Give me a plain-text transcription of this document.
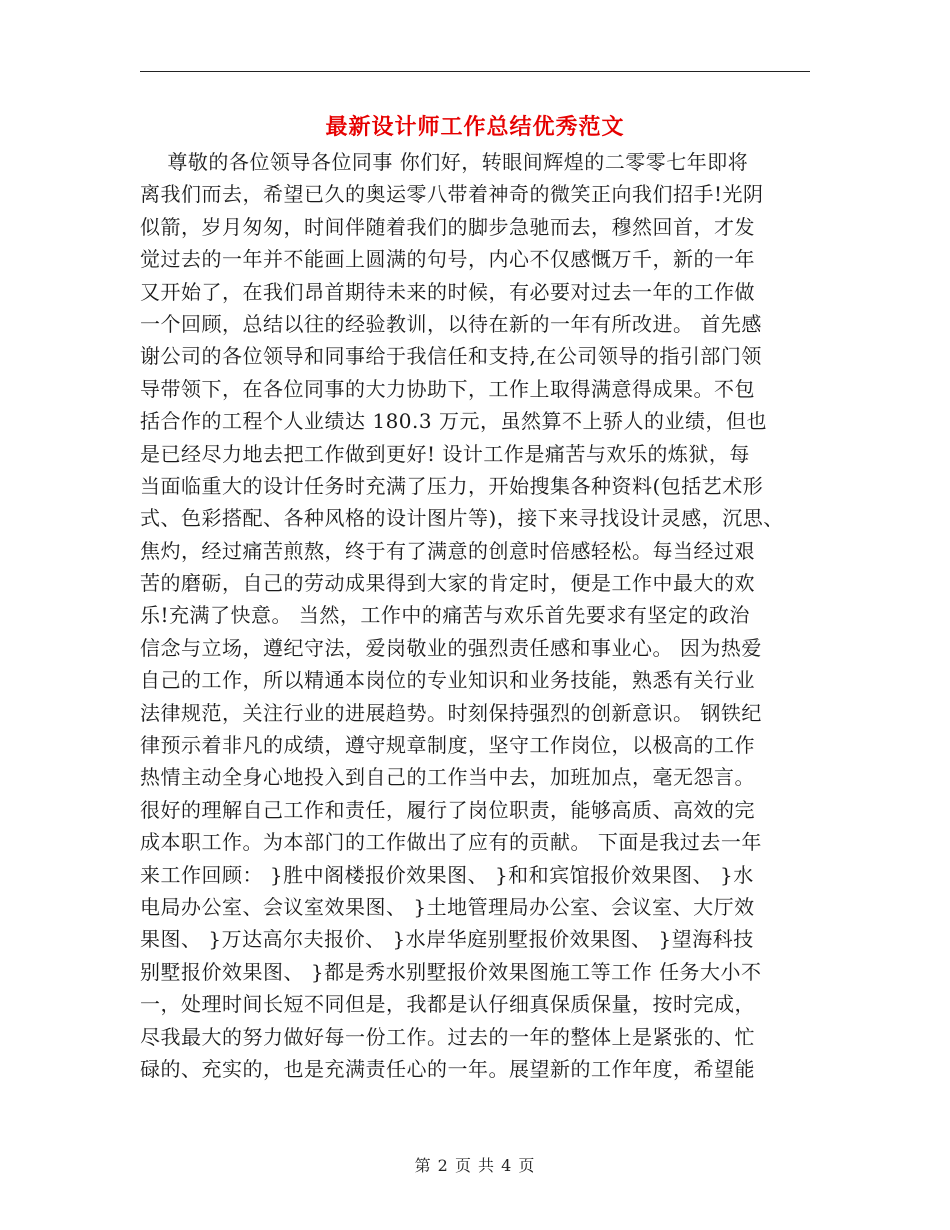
最新设计师工作总结优秀范文
尊敬的各位领导各位同事 你们好，转眼间辉煌的二零零七年即将
离我们而去，希望已久的奥运零八带着神奇的微笑正向我们招手!光阴
似箭，岁月匆匆，时间伴随着我们的脚步急驰而去，穆然回首，才发
觉过去的一年并不能画上圆满的句号，内心不仅感慨万千，新的一年
又开始了，在我们昂首期待未来的时候，有必要对过去一年的工作做
一个回顾，总结以往的经验教训，以待在新的一年有所改进。 首先感
谢公司的各位领导和同事给于我信任和支持,在公司领导的指引部门领
导带领下，在各位同事的大力协助下，工作上取得满意得成果。不包
括合作的工程个人业绩达 180.3 万元，虽然算不上骄人的业绩，但也
是已经尽力地去把工作做到更好! 设计工作是痛苦与欢乐的炼狱，每
当面临重大的设计任务时充满了压力，开始搜集各种资料(包括艺术形
式、色彩搭配、各种风格的设计图片等)，接下来寻找设计灵感，沉思、
焦灼，经过痛苦煎熬，终于有了满意的创意时倍感轻松。每当经过艰
苦的磨砺，自己的劳动成果得到大家的肯定时，便是工作中最大的欢
乐!充满了快意。 当然，工作中的痛苦与欢乐首先要求有坚定的政治
信念与立场，遵纪守法，爱岗敬业的强烈责任感和事业心。 因为热爱
自己的工作，所以精通本岗位的专业知识和业务技能，熟悉有关行业
法律规范，关注行业的进展趋势。时刻保持强烈的创新意识。 钢铁纪
律预示着非凡的成绩，遵守规章制度，坚守工作岗位，以极高的工作
热情主动全身心地投入到自己的工作当中去，加班加点，毫无怨言。
很好的理解自己工作和责任，履行了岗位职责，能够高质、高效的完
成本职工作。为本部门的工作做出了应有的贡献。 下面是我过去一年
来工作回顾： }胜中阁楼报价效果图、 }和和宾馆报价效果图、 }水
电局办公室、会议室效果图、 }土地管理局办公室、会议室、大厅效
果图、 }万达高尔夫报价、 }水岸华庭别墅报价效果图、 }望海科技
别墅报价效果图、 }都是秀水别墅报价效果图施工等工作 任务大小不
一，处理时间长短不同但是，我都是认仔细真保质保量，按时完成，
尽我最大的努力做好每一份工作。过去的一年的整体上是紧张的、忙
碌的、充实的，也是充满责任心的一年。展望新的工作年度，希望能
第 2 页 共 4 页
